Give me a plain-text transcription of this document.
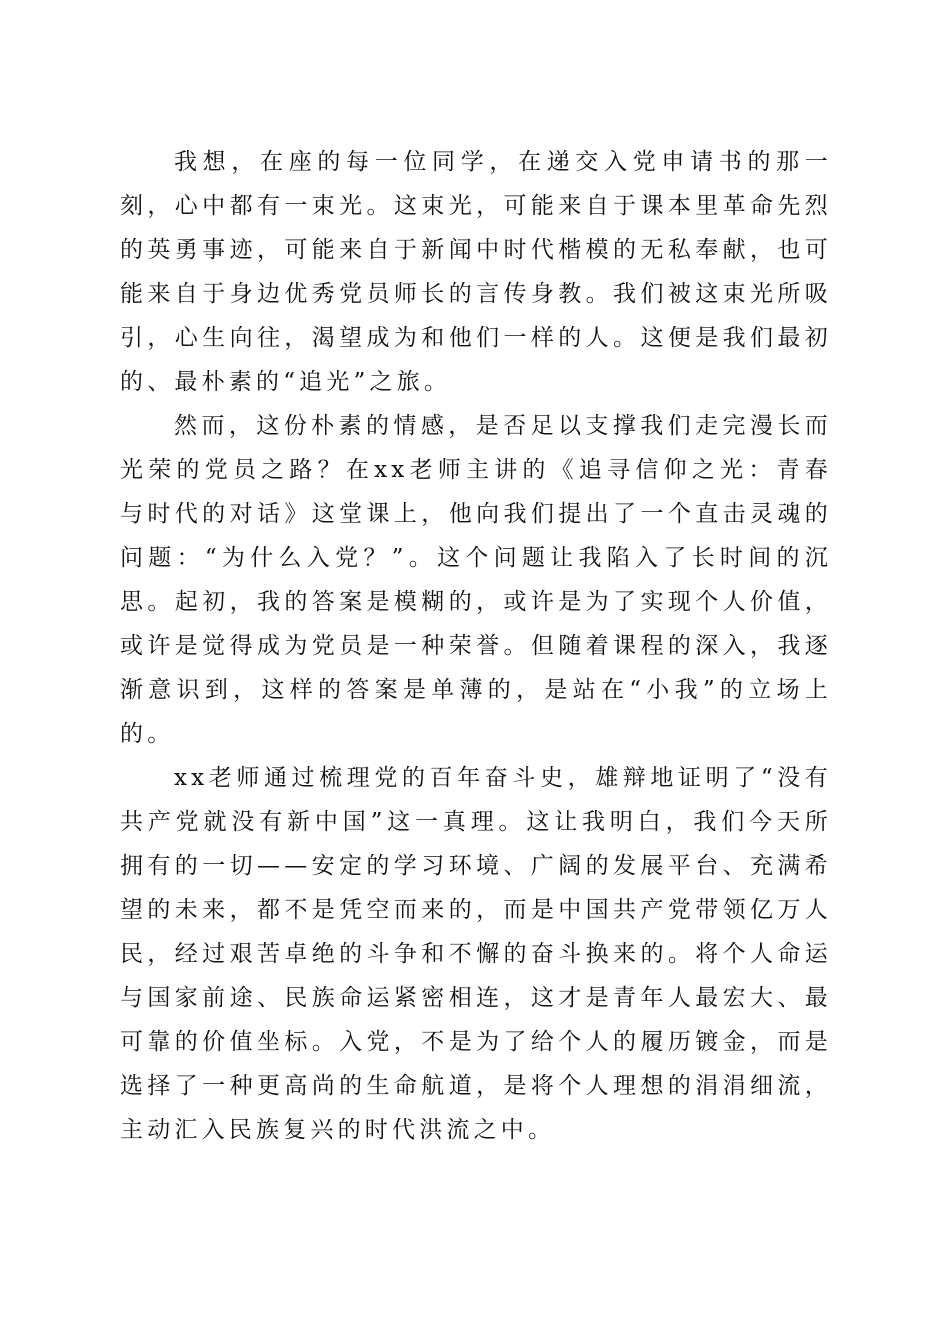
我想，在座的每一位同学，在递交入党申请书的那一刻，心中都有一束光。这束光，可能来自于课本里革命先烈的英勇事迹，可能来自于新闻中时代楷模的无私奉献，也可能来自于身边优秀党员师长的言传身教。我们被这束光所吸引，心生向往，渴望成为和他们一样的人。这便是我们最初的、最朴素的“追光”之旅。

然而，这份朴素的情感，是否足以支撑我们走完漫长而光荣的党员之路？在xx老师主讲的《追寻信仰之光：青春与时代的对话》这堂课上，他向我们提出了一个直击灵魂的问题：“为什么入党？”。这个问题让我陷入了长时间的沉思。起初，我的答案是模糊的，或许是为了实现个人价值，或许是觉得成为党员是一种荣誉。但随着课程的深入，我逐渐意识到，这样的答案是单薄的，是站在“小我”的立场上的。

xx老师通过梳理党的百年奋斗史，雄辩地证明了“没有共产党就没有新中国”这一真理。这让我明白，我们今天所拥有的一切——安定的学习环境、广阔的发展平台、充满希望的未来，都不是凭空而来的，而是中国共产党带领亿万人民，经过艰苦卓绝的斗争和不懈的奋斗换来的。将个人命运与国家前途、民族命运紧密相连，这才是青年人最宏大、最可靠的价值坐标。入党，不是为了给个人的履历镀金，而是选择了一种更高尚的生命航道，是将个人理想的涓涓细流，主动汇入民族复兴的时代洪流之中。
